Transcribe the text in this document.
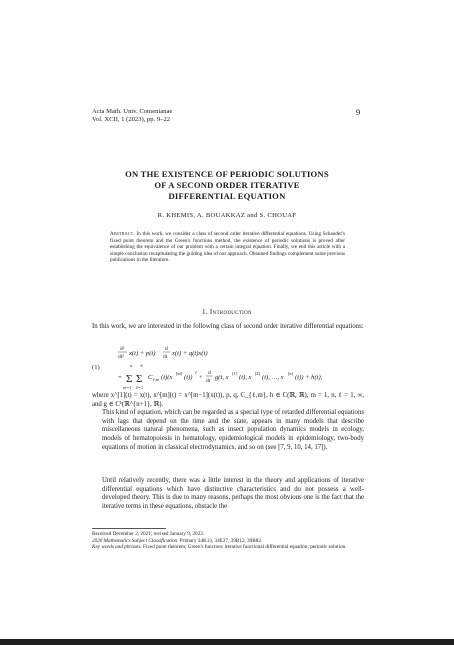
Acta Math. Univ. Comenianae
Vol. XCII, 1 (2023), pp. 9–22
9
ON THE EXISTENCE OF PERIODIC SOLUTIONS
OF A SECOND ORDER ITERATIVE
DIFFERENTIAL EQUATION
R. KHEMIS, A. BOUAKKAZ and S. CHOUAF
Abstract. In this work, we consider a class of second order iterative differential equations. Using Schauder's fixed point theorem and the Green's functions method, the existence of periodic solutions is proved after establishing the equivalence of our problem with a certain integral equation. Finally, we end this article with a simple conclusion recapitulating the guiding idea of our approach. Obtained findings complement some previous publications in the literature.
1. Introduction
In this work, we are interested in the following class of second order iterative differential equations:
(1)
d²
dt² x(t) + p(t)
d
dt x(t) + q(t)x(t)
=
n
Σ
m=1
∞
Σ
ℓ=1
C ℓ,m (t)(x
[m]
(t))
ℓ
+
d
dt g(t, x
[1]
(t), x
[2]
(t), …, x
[n]
(t)) + h(t),
where x^[1](t) = x(t), x^[m](t) = x^[m−1](x(t)), p, q, C_{ℓ,m}, h ∈ C(ℝ, ℝ), m = 1, n, ℓ = 1, ∞, and g ∈ C¹(ℝ^{n+1}, ℝ).
This kind of equation, which can be regarded as a special type of retarded differential equations with lags that depend on the time and the state, appears in many models that describe miscellaneous natural phenomena, such as insect population dynamics models in ecology, models of hematopoiesis in hematology, epidemiological models in epidemiology, two-body equations of motion in classical electrodynamics, and so on (see [7, 9, 10, 14, 17]).
Until relatively recently, there was a little interest in the theory and applications of iterative differential equations which have distinctive characteristics and do not possess a well-developed theory. This is due to many reasons, perhaps the most obvious one is the fact that the iterative terms in these equations, obstacle the
Received December 2, 2021; revised January 9, 2023.
2020 Mathematics Subject Classification. Primary 34K13, 34E27, 39B12, 39B82.
Key words and phrases. Fixed point theorem; Green's function; iterative functional differential equation; periodic solution.
